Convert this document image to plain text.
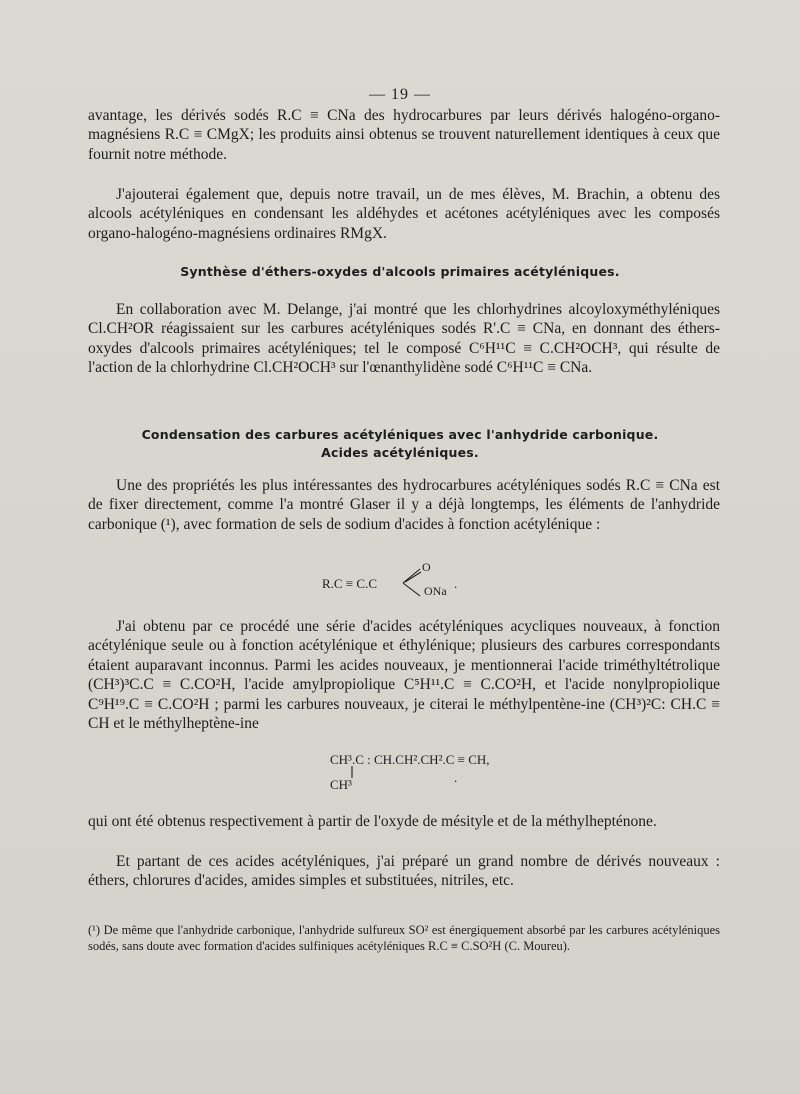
— 19 —

avantage, les dérivés sodés R.C ≡ CNa des hydrocarbures par leurs dérivés halogéno-organo-magnésiens R.C ≡ CMgX; les produits ainsi obtenus se trouvent naturellement identiques à ceux que fournit notre méthode.

J'ajouterai également que, depuis notre travail, un de mes élèves, M. Brachin, a obtenu des alcools acétyléniques en condensant les aldéhydes et acétones acétyléniques avec les composés organo-halogéno-magnésiens ordinaires RMgX.

Synthèse d'éthers-oxydes d'alcools primaires acétyléniques.

En collaboration avec M. Delange, j'ai montré que les chlorhydrines alcoyloxyméthyléniques Cl.CH²OR réagissaient sur les carbures acétyléniques sodés R'.C ≡ CNa, en donnant des éthers-oxydes d'alcools primaires acétyléniques; tel le composé C⁶H¹¹C ≡ C.CH²OCH³, qui résulte de l'action de la chlorhydrine Cl.CH²OCH³ sur l'œnanthylidène sodé C⁶H¹¹C ≡ CNa.

Condensation des carbures acétyléniques avec l'anhydride carbonique.
Acides acétyléniques.

Une des propriétés les plus intéressantes des hydrocarbures acétyléniques sodés R.C ≡ CNa est de fixer directement, comme l'a montré Glaser il y a déjà longtemps, les éléments de l'anhydride carbonique (¹), avec formation de sels de sodium d'acides à fonction acétylénique :

R.C ≡ C.C
O
ONa .

J'ai obtenu par ce procédé une série d'acides acétyléniques acycliques nouveaux, à fonction acétylénique seule ou à fonction acétylénique et éthylénique; plusieurs des carbures correspondants étaient auparavant inconnus. Parmi les acides nouveaux, je mentionnerai l'acide triméthyltétrolique (CH³)³C.C ≡ C.CO²H, l'acide amylpropiolique C⁵H¹¹.C ≡ C.CO²H, et l'acide nonylpropiolique C⁹H¹⁹.C ≡ C.CO²H ; parmi les carbures nouveaux, je citerai le méthylpentène-ine (CH³)²C: CH.C ≡ CH et le méthylheptène-ine

CH³.C : CH.CH².CH².C ≡ CH,
CH³	.

qui ont été obtenus respectivement à partir de l'oxyde de mésityle et de la méthylhepténone.

Et partant de ces acides acétyléniques, j'ai préparé un grand nombre de dérivés nouveaux : éthers, chlorures d'acides, amides simples et substituées, nitriles, etc.

(¹) De même que l'anhydride carbonique, l'anhydride sulfureux SO² est énergiquement absorbé par les carbures acétyléniques sodés, sans doute avec formation d'acides sulfiniques acétyléniques R.C ≡ C.SO²H (C. Moureu).
